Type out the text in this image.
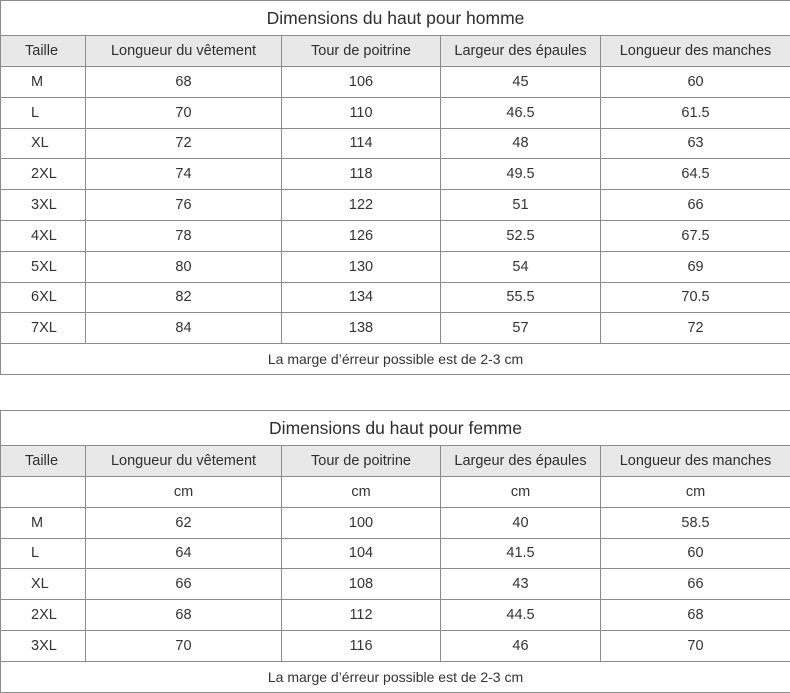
Dimensions du haut pour homme				
Taille	Longueur du vêtement	Tour de poitrine	Largeur des épaules	Longueur des manches
M	68	106	45	60
L	70	110	46.5	61.5
XL	72	114	48	63
2XL	74	118	49.5	64.5
3XL	76	122	51	66
4XL	78	126	52.5	67.5
5XL	80	130	54	69
6XL	82	134	55.5	70.5
7XL	84	138	57	72
La marge d’érreur possible est de 2-3 cm				
Dimensions du haut pour femme				
Taille	Longueur du vêtement	Tour de poitrine	Largeur des épaules	Longueur des manches
	cm	cm	cm	cm
M	62	100	40	58.5
L	64	104	41.5	60
XL	66	108	43	66
2XL	68	112	44.5	68
3XL	70	116	46	70
La marge d’érreur possible est de 2-3 cm				
